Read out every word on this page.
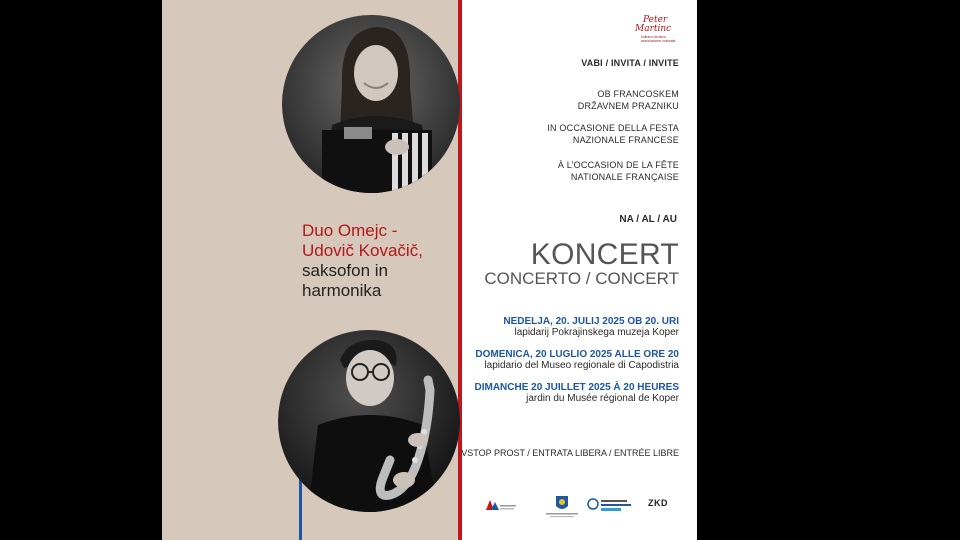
Duo Omejc -
Udovič Kovačič,
saksofon in
harmonika
Peter
Martinc
kulturno društvo
associazione culturale
VABI / INVITA / INVITE
OB FRANCOSKEM
DRŽAVNEM PRAZNIKU
IN OCCASIONE DELLA FESTA
NAZIONALE FRANCESE
À L’OCCASION DE LA FÊTE
NATIONALE FRANÇAISE
NA / AL / AU
KONCERT
CONCERTO / CONCERT
NEDELJA, 20. JULIJ 2025 OB 20. URI
lapidarij Pokrajinskega muzeja Koper
DOMENICA, 20 LUGLIO 2025 ALLE ORE 20
lapidario del Museo regionale di Capodistria
DIMANCHE 20 JUILLET 2025 À 20 HEURES
jardin du Musée régional de Koper
VSTOP PROST / ENTRATA LIBERA / ENTRÉE LIBRE
ZKD
